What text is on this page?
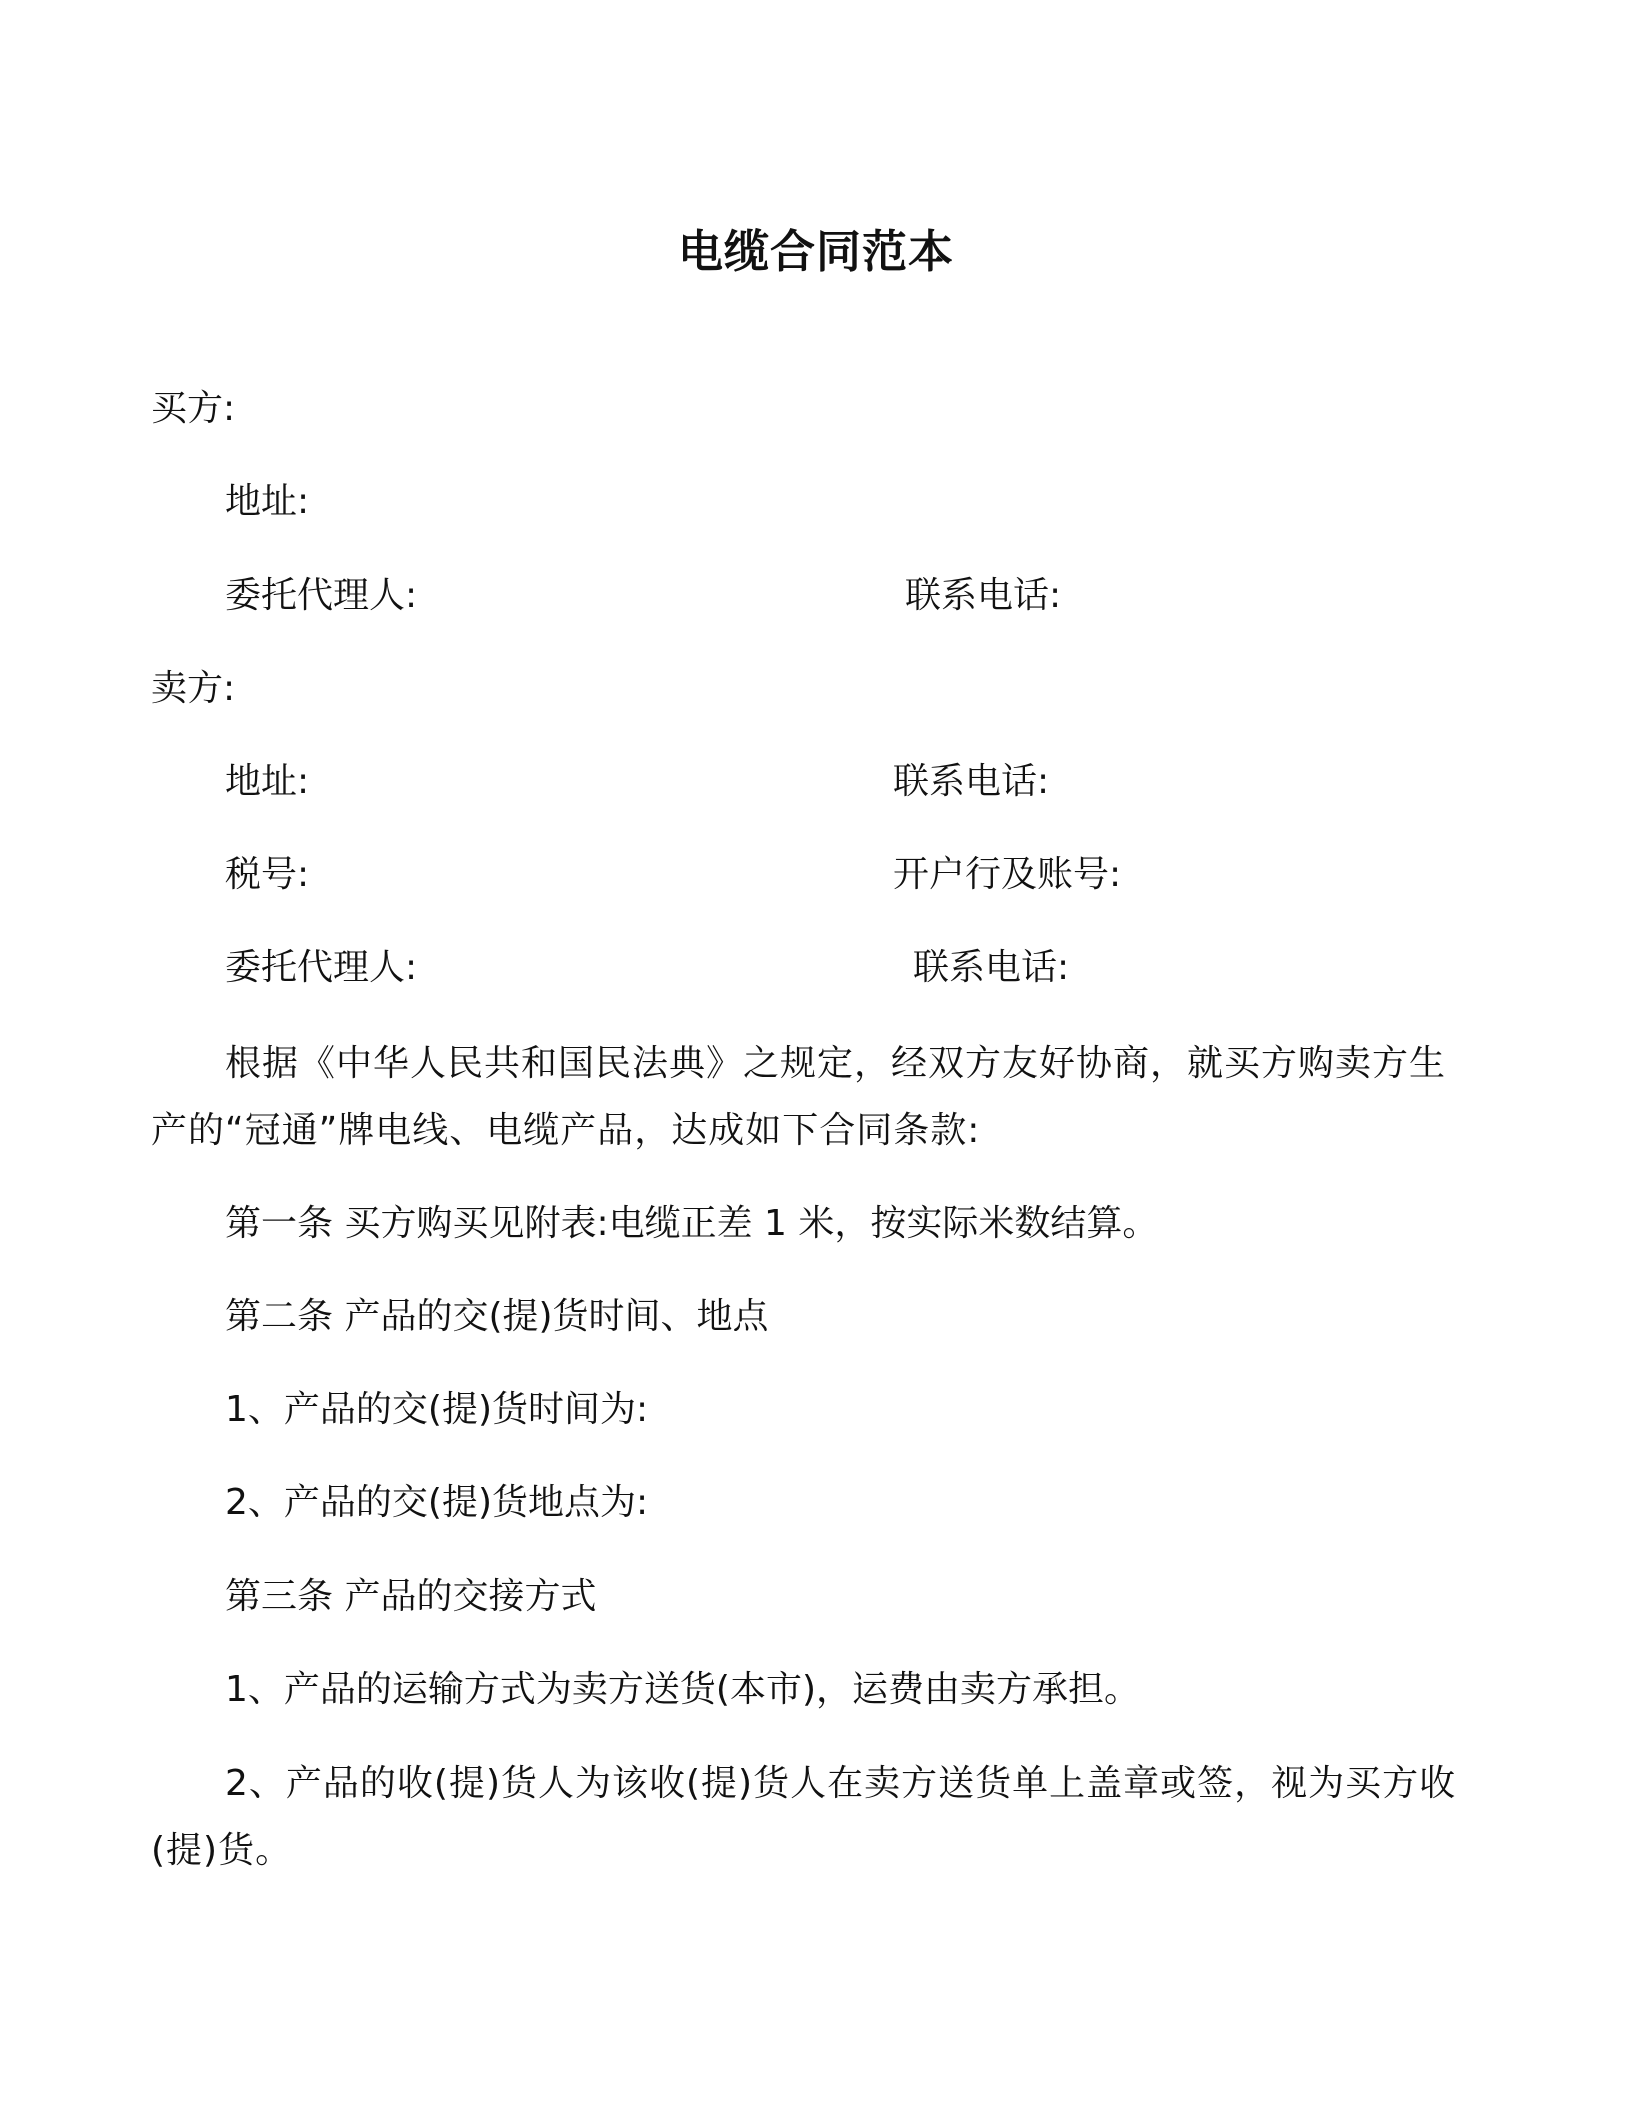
电缆合同范本
买方:
地址:
委托代理人:	联系电话:
卖方:
地址:	联系电话:
税号:	开户行及账号:
委托代理人:	联系电话:
根据《中华人民共和国民法典》之规定，经双方友好协商，就买方购卖方生产的“冠通”牌电线、电缆产品，达成如下合同条款:
第一条 买方购买见附表:电缆正差 1 米，按实际米数结算。
第二条 产品的交(提)货时间、地点
1、产品的交(提)货时间为:
2、产品的交(提)货地点为:
第三条 产品的交接方式
1、产品的运输方式为卖方送货(本市)，运费由卖方承担。
2、产品的收(提)货人为该收(提)货人在卖方送货单上盖章或签，视为买方收(提)货。
